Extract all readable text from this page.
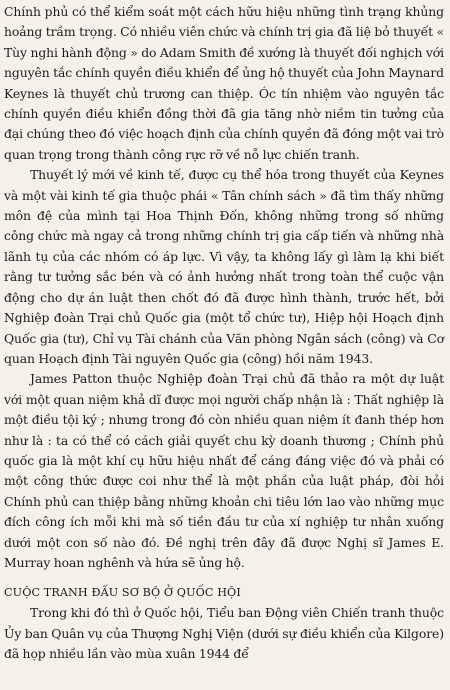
Chính phủ có thể kiểm soát một cách hữu hiệu những tình trạng khủng hoảng trầm trọng. Có nhiều viên chức và chính trị gia đã liệ bỏ thuyết « Tùy nghi hành động » do Adam Smith đề xướng là thuyết đối nghịch với nguyên tắc chính quyền điều khiển để ủng hộ thuyết của John Maynard Keynes là thuyết chủ trương can thiệp. Óc tín nhiệm vào nguyên tắc chính quyền điều khiển đồng thời đã gia tăng nhờ niềm tin tưởng của đại chúng theo đó việc hoạch định của chính quyền đã đóng một vai trò quan trọng trong thành công rực rỡ về nỗ lực chiến tranh.

Thuyết lý mới về kinh tế, được cụ thể hóa trong thuyết của Keynes và một vài kinh tế gia thuộc phái « Tân chính sách » đã tìm thấy những môn đệ của mình tại Hoa Thịnh Đốn, không những trong số những công chức mà ngay cả trong những chính trị gia cấp tiến và những nhà lãnh tụ của các nhóm có áp lực. Vì vậy, ta không lấy gì làm lạ khi biết rằng tư tưởng sắc bén và có ảnh hưởng nhất trong toàn thể cuộc vận động cho dự án luật then chốt đó đã được hình thành, trước hết, bởi Nghiệp đoàn Trại chủ Quốc gia (một tổ chức tư), Hiệp hội Hoạch định Quốc gia (tư), Chỉ vụ Tài chánh của Văn phòng Ngân sách (công) và Cơ quan Hoạch định Tài nguyên Quốc gia (công) hồi năm 1943.

James Patton thuộc Nghiệp đoàn Trại chủ đã thảo ra một dự luật với một quan niệm khả dĩ được mọi người chấp nhận là : Thất nghiệp là một điều tội ký ; nhưng trong đó còn nhiều quan niệm ít đanh thép hơn như là : ta có thể có cách giải quyết chu kỳ doanh thương ; Chính phủ quốc gia là một khí cụ hữu hiệu nhất để cáng đáng việc đó và phải có một công thức được coi như thể là một phần của luật pháp, đòi hỏi Chính phủ can thiệp bằng những khoản chi tiêu lớn lao vào những mục đích công ích mỗi khi mà số tiền đầu tư của xí nghiệp tư nhân xuống dưới một con số nào đó. Đề nghị trên đây đã được Nghị sĩ James E. Murray hoan nghênh và hứa sẽ ủng hộ.

CUỘC TRANH ĐẤU SƠ BỘ Ở QUỐC HỘI

Trong khi đó thì ở Quốc hội, Tiểu ban Động viên Chiến tranh thuộc Ủy ban Quân vụ của Thượng Nghị Viện (dưới sự điều khiển của Kilgore) đã họp nhiều lần vào mùa xuân 1944 để
